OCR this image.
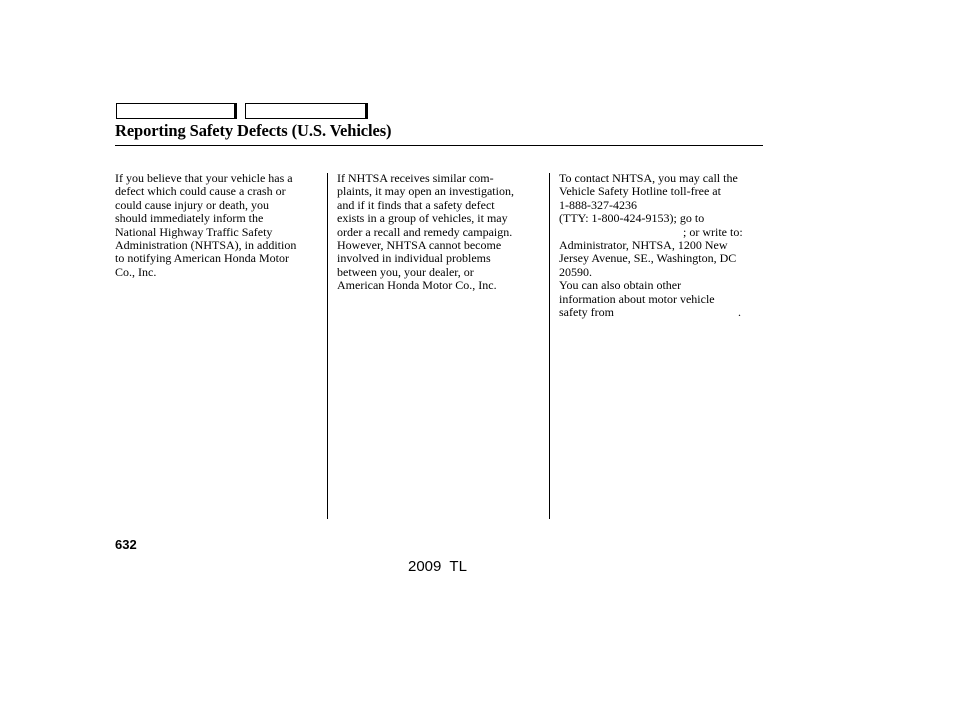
Reporting Safety Defects (U.S. Vehicles)
If you believe that your vehicle has a
defect which could cause a crash or
could cause injury or death, you
should immediately inform the
National Highway Traffic Safety
Administration (NHTSA), in addition
to notifying American Honda Motor
Co., Inc.
If NHTSA receives similar com-
plaints, it may open an investigation,
and if it finds that a safety defect
exists in a group of vehicles, it may
order a recall and remedy campaign.
However, NHTSA cannot become
involved in individual problems
between you, your dealer, or
American Honda Motor Co., Inc.
To contact NHTSA, you may call the
Vehicle Safety Hotline toll-free at
1-888-327-4236
(TTY: 1-800-424-9153); go to
; or write to:
Administrator, NHTSA, 1200 New
Jersey Avenue, SE., Washington, DC
20590.
You can also obtain other
information about motor vehicle
safety from	.
632
2009  TL
